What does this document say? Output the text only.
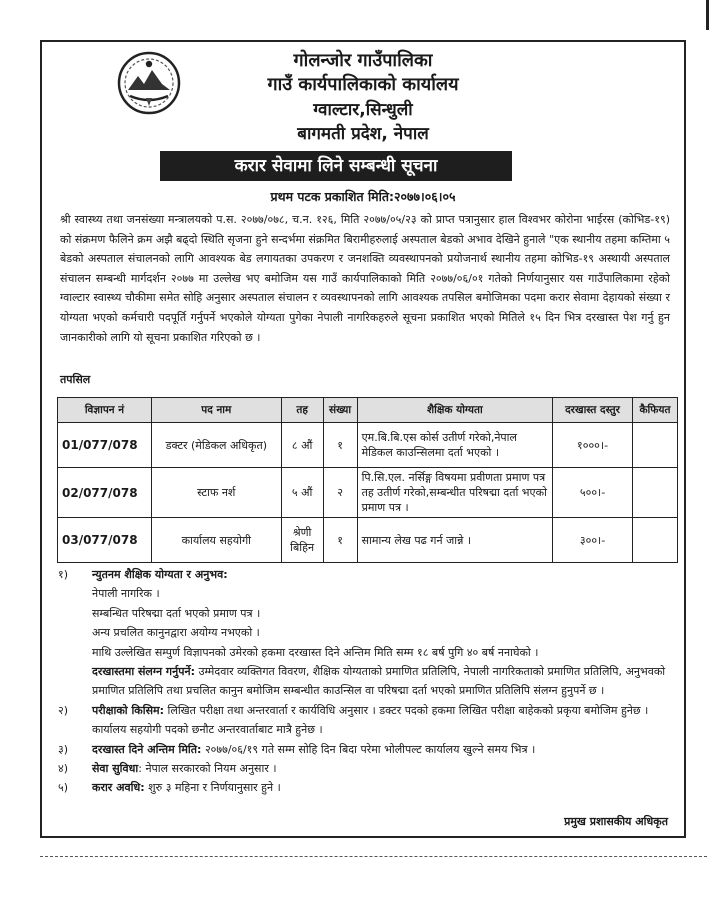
गोलन्जोर गाउँपालिका
गाउँ कार्यपालिकाको कार्यालय
ग्वाल्टार,सिन्धुली
बागमती प्रदेश, नेपाल
करार सेवामा लिने सम्बन्धी सूचना
प्रथम पटक प्रकाशित मिति:२०७७।०६।०५
श्री स्वास्थ्य तथा जनसंख्या मन्त्रालयको प.स. २०७७/०७८, च.न. १२६, मिति २०७७/०५/२३ को प्राप्त पत्रानुसार हाल विश्वभर कोरोना भाईरस (कोभिड-१९) को संक्रमण फैलिने क्रम अझै बढ्दो स्थिति सृजना हुने सन्दर्भमा संक्रमित बिरामीहरुलाई अस्पताल बेडको अभाव देखिने हुनाले "एक स्थानीय तहमा कम्तिमा ५ बेडको अस्पताल संचालनको लागि आवश्यक बेड लगायतका उपकरण र जनशक्ति व्यवस्थापनको प्रयोजनार्थ स्थानीय तहमा कोभिड-१९ अस्थायी अस्पताल संचालन सम्बन्धी मार्गदर्शन २०७७ मा उल्लेख भए बमोजिम यस गाउँ कार्यपालिकाको मिति २०७७/०६/०१ गतेको निर्णयानुसार यस गाउँपालिकामा रहेको ग्वाल्टार स्वास्थ्य चौकीमा समेत सोहि अनुसार अस्पताल संचालन र व्यवस्थापनको लागि आवश्यक तपसिल बमोजिमका पदमा करार सेवामा देहायको संख्या र योग्यता भएको कर्मचारी पदपूर्ति गर्नुपर्ने भएकोले योग्यता पुगेका नेपाली नागरिकहरुले सूचना प्रकाशित भएको मितिले १५ दिन भित्र दरखास्त पेश गर्नु हुन जानकारीको लागि यो सूचना प्रकाशित गरिएको छ ।
तपसिल
विज्ञापन नं	पद नाम	तह	संख्या	शैक्षिक योग्यता	दरखास्त दस्तुर	कैफियत
01/077/078	डक्टर (मेडिकल अधिकृत)	८ औं	१	एम.बि.बि.एस कोर्स उतीर्ण गरेको,नेपाल मेडिकल काउन्सिलमा दर्ता भएको ।	१०००।-	
02/077/078	स्टाफ नर्श	५ औं	२	पि.सि.एल. नर्सिङ्ग विषयमा प्रवीणता प्रमाण पत्र तह उतीर्ण गरेको,सम्बन्धीत परिषद्मा दर्ता भएको प्रमाण पत्र ।	५००।-	
03/077/078	कार्यालय सहयोगी	श्रेणी बिहिन	१	सामान्य लेख पढ गर्न जान्ने ।	३००।-	
१)	न्युतनम शैक्षिक योग्यता र अनुभव:
नेपाली नागरिक ।
सम्बन्धित परिषद्मा दर्ता भएको प्रमाण पत्र ।
अन्य प्रचलित कानुनद्वारा अयोग्य नभएको ।
माथि उल्लेखित सम्पुर्ण विज्ञापनको उमेरको हकमा दरखास्त दिने अन्तिम मिति सम्म १८ बर्ष पुगि ४० बर्ष ननाघेको ।
दरखास्तमा संलग्न गर्नुपर्ने: उम्मेदवार व्यक्तिगत विवरण, शैक्षिक योग्यताको प्रमाणित प्रतिलिपि, नेपाली नागरिकताको प्रमाणित प्रतिलिपि, अनुभवको प्रमाणित प्रतिलिपि तथा प्रचलित कानुन बमोजिम सम्बन्धीत काउन्सिल वा परिषद्मा दर्ता भएको प्रमाणित प्रतिलिपि संलग्न हुनुपर्ने छ ।
२)	परीक्षाको किसिम: लिखित परीक्षा तथा अन्तरवार्ता र कार्यविधि अनुसार । डक्टर पदको हकमा लिखित परीक्षा बाहेकको प्रकृया बमोजिम हुनेछ । कार्यालय सहयोगी पदको छनौट अन्तरवार्ताबाट मात्रै हुनेछ ।
३)	दरखास्त दिने अन्तिम मिति: २०७७/०६/१९ गते सम्म सोहि दिन बिदा परेमा भोलीपल्ट कार्यालय खुल्ने समय भित्र ।
४)	सेवा सुविधा: नेपाल सरकारको नियम अनुसार ।
५)	करार अवधि: शुरु ३ महिना र निर्णयानुसार हुने ।
प्रमुख प्रशासकीय अधिकृत
